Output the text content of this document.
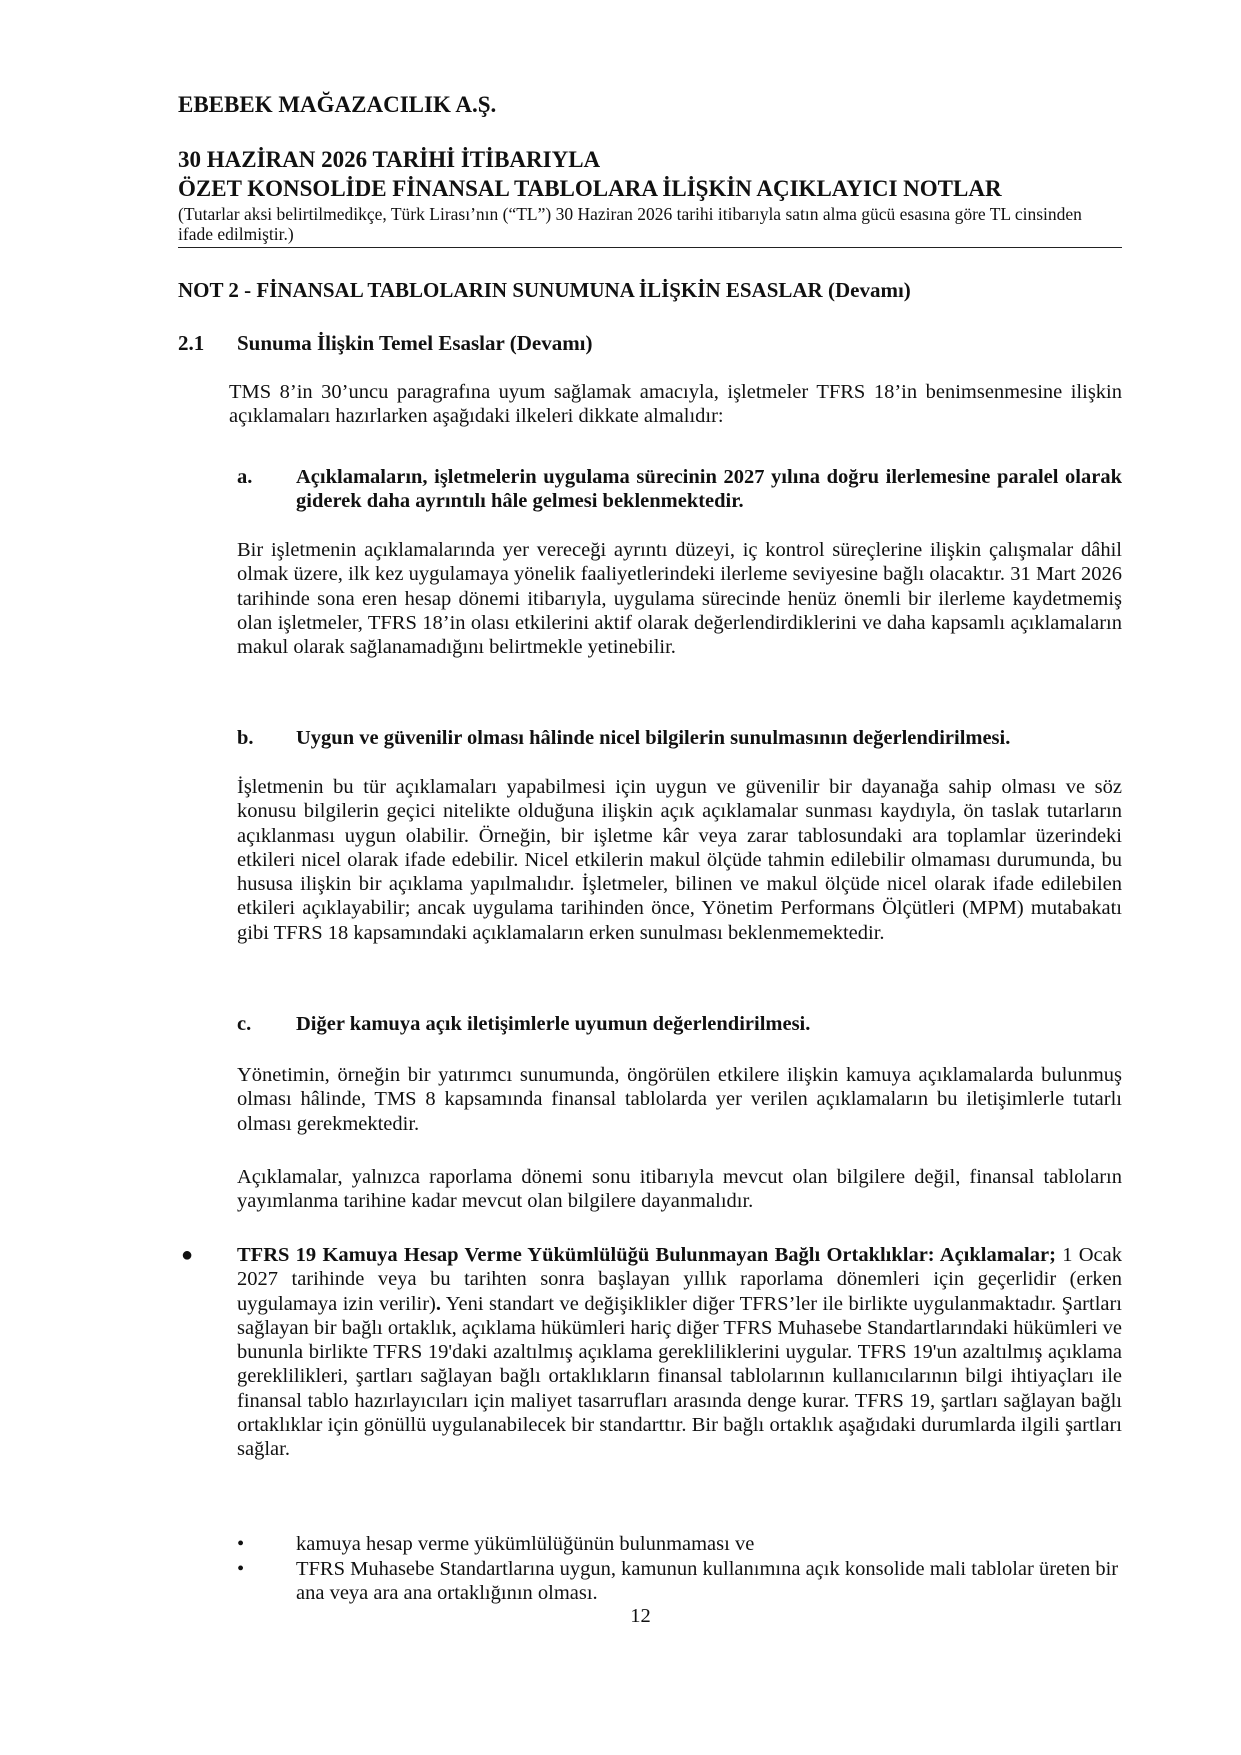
EBEBEK MAĞAZACILIK A.Ş.
30 HAZİRAN 2026 TARİHİ İTİBARIYLA
ÖZET KONSOLİDE FİNANSAL TABLOLARA İLİŞKİN AÇIKLAYICI NOTLAR
(Tutarlar aksi belirtilmedikçe, Türk Lirası’nın (“TL”) 30 Haziran 2026 tarihi itibarıyla satın alma gücü esasına göre TL cinsinden ifade edilmiştir.)
NOT 2 - FİNANSAL TABLOLARIN SUNUMUNA İLİŞKİN ESASLAR (Devamı)
2.1 Sunuma İlişkin Temel Esaslar (Devamı)
TMS 8’in 30’uncu paragrafına uyum sağlamak amacıyla, işletmeler TFRS 18’in benimsenmesine ilişkin açıklamaları hazırlarken aşağıdaki ilkeleri dikkate almalıdır:
a. Açıklamaların, işletmelerin uygulama sürecinin 2027 yılına doğru ilerlemesine paralel olarak giderek daha ayrıntılı hâle gelmesi beklenmektedir.
Bir işletmenin açıklamalarında yer vereceği ayrıntı düzeyi, iç kontrol süreçlerine ilişkin çalışmalar dâhil olmak üzere, ilk kez uygulamaya yönelik faaliyetlerindeki ilerleme seviyesine bağlı olacaktır. 31 Mart 2026 tarihinde sona eren hesap dönemi itibarıyla, uygulama sürecinde henüz önemli bir ilerleme kaydetmemiş olan işletmeler, TFRS 18’in olası etkilerini aktif olarak değerlendirdiklerini ve daha kapsamlı açıklamaların makul olarak sağlanamadığını belirtmekle yetinebilir.
b. Uygun ve güvenilir olması hâlinde nicel bilgilerin sunulmasının değerlendirilmesi.
İşletmenin bu tür açıklamaları yapabilmesi için uygun ve güvenilir bir dayanağa sahip olması ve söz konusu bilgilerin geçici nitelikte olduğuna ilişkin açık açıklamalar sunması kaydıyla, ön taslak tutarların açıklanması uygun olabilir. Örneğin, bir işletme kâr veya zarar tablosundaki ara toplamlar üzerindeki etkileri nicel olarak ifade edebilir. Nicel etkilerin makul ölçüde tahmin edilebilir olmaması durumunda, bu hususa ilişkin bir açıklama yapılmalıdır. İşletmeler, bilinen ve makul ölçüde nicel olarak ifade edilebilen etkileri açıklayabilir; ancak uygulama tarihinden önce, Yönetim Performans Ölçütleri (MPM) mutabakatı gibi TFRS 18 kapsamındaki açıklamaların erken sunulması beklenmemektedir.
c. Diğer kamuya açık iletişimlerle uyumun değerlendirilmesi.
Yönetimin, örneğin bir yatırımcı sunumunda, öngörülen etkilere ilişkin kamuya açıklamalarda bulunmuş olması hâlinde, TMS 8 kapsamında finansal tablolarda yer verilen açıklamaların bu iletişimlerle tutarlı olması gerekmektedir.
Açıklamalar, yalnızca raporlama dönemi sonu itibarıyla mevcut olan bilgilere değil, finansal tabloların yayımlanma tarihine kadar mevcut olan bilgilere dayanmalıdır.
● TFRS 19 Kamuya Hesap Verme Yükümlülüğü Bulunmayan Bağlı Ortaklıklar: Açıklamalar; 1 Ocak 2027 tarihinde veya bu tarihten sonra başlayan yıllık raporlama dönemleri için geçerlidir (erken uygulamaya izin verilir). Yeni standart ve değişiklikler diğer TFRS’ler ile birlikte uygulanmaktadır. Şartları sağlayan bir bağlı ortaklık, açıklama hükümleri hariç diğer TFRS Muhasebe Standartlarındaki hükümleri ve bununla birlikte TFRS 19'daki azaltılmış açıklama gerekliliklerini uygular. TFRS 19'un azaltılmış açıklama gereklilikleri, şartları sağlayan bağlı ortaklıkların finansal tablolarının kullanıcılarının bilgi ihtiyaçları ile finansal tablo hazırlayıcıları için maliyet tasarrufları arasında denge kurar. TFRS 19, şartları sağlayan bağlı ortaklıklar için gönüllü uygulanabilecek bir standarttır. Bir bağlı ortaklık aşağıdaki durumlarda ilgili şartları sağlar.
•	kamuya hesap verme yükümlülüğünün bulunmaması ve
•	TFRS Muhasebe Standartlarına uygun, kamunun kullanımına açık konsolide mali tablolar üreten bir ana veya ara ana ortaklığının olması.
12
